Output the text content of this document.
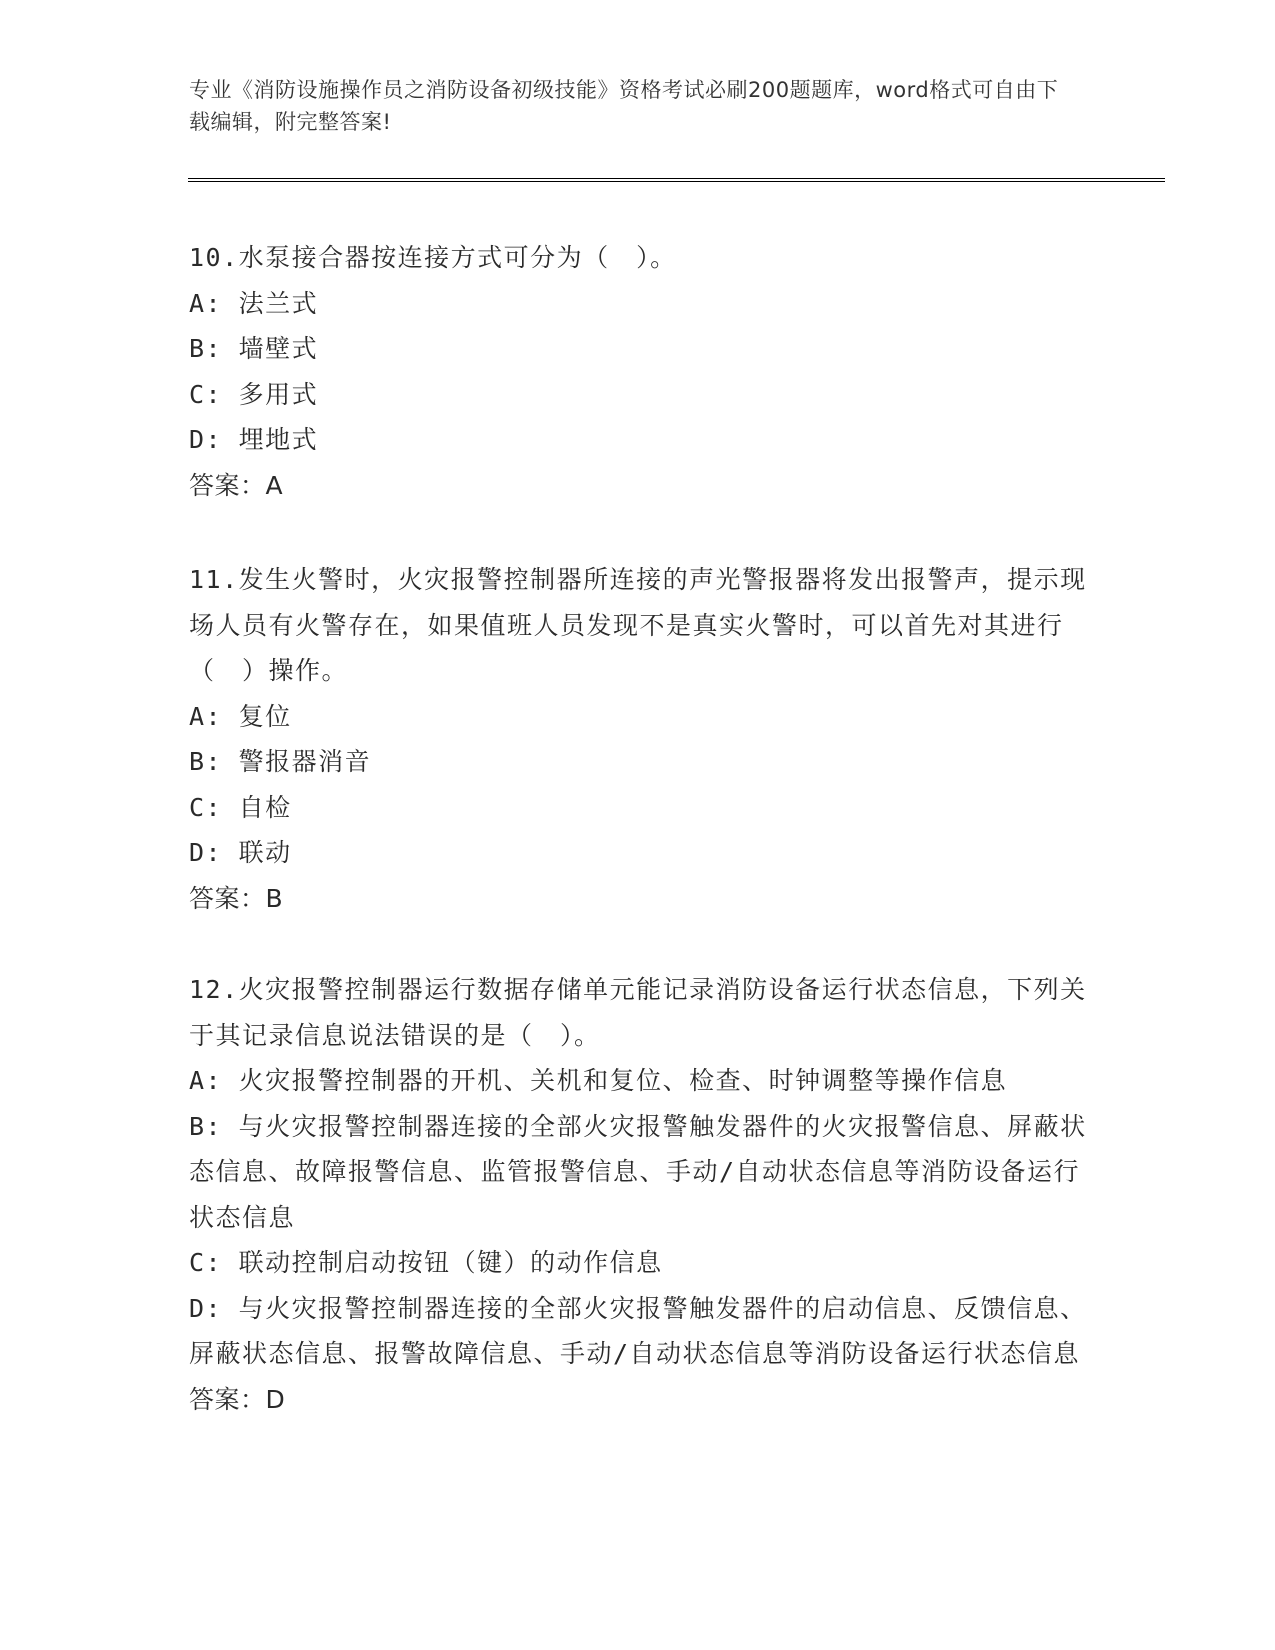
专业《消防设施操作员之消防设备初级技能》资格考试必刷200题题库，word格式可自由下载编辑，附完整答案!

10.水泵接合器按连接方式可分为（　）。

A: 法兰式

B: 墙壁式

C: 多用式

D: 埋地式

答案：A

11.发生火警时，火灾报警控制器所连接的声光警报器将发出报警声，提示现场人员有火警存在，如果值班人员发现不是真实火警时，可以首先对其进行（　）操作。

A: 复位

B: 警报器消音

C: 自检

D: 联动

答案：B

12.火灾报警控制器运行数据存储单元能记录消防设备运行状态信息，下列关于其记录信息说法错误的是（　）。

A: 火灾报警控制器的开机、关机和复位、检查、时钟调整等操作信息

B: 与火灾报警控制器连接的全部火灾报警触发器件的火灾报警信息、屏蔽状态信息、故障报警信息、监管报警信息、手动/自动状态信息等消防设备运行状态信息

C: 联动控制启动按钮（键）的动作信息

D: 与火灾报警控制器连接的全部火灾报警触发器件的启动信息、反馈信息、屏蔽状态信息、报警故障信息、手动/自动状态信息等消防设备运行状态信息

答案：D
